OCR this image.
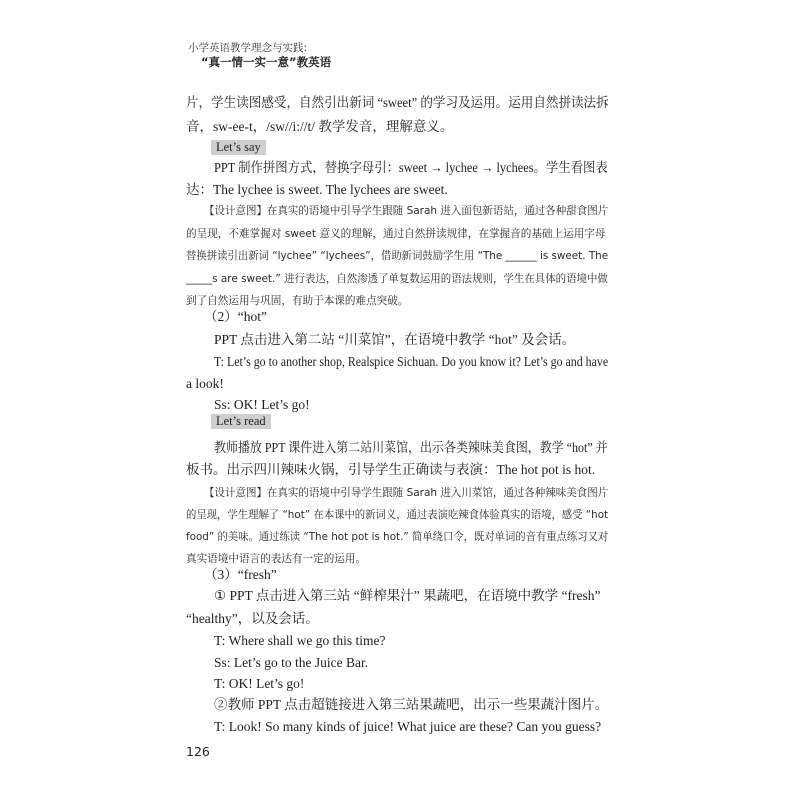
小学英语教学理念与实践:
“真一情一实一意”教英语
片，学生读图感受，自然引出新词 “sweet” 的学习及运用。运用自然拼读法拆
音，sw-ee-t，/sw//i://t/ 教学发音，理解意义。
Let’s say
PPT 制作拼图方式，替换字母引：sweet → lychee → lychees。学生看图表
达：The lychee is sweet. The lychees are sweet.
【设计意图】在真实的语境中引导学生跟随 Sarah 进入面包新语站，通过各种甜食图片
的呈现，不难掌握对 sweet 意义的理解，通过自然拼读规律，在掌握音的基础上运用字母
替换拼读引出新词 “lychee” “lychees”，借助新词鼓励学生用 “The ______ is sweet. The
_____s are sweet.” 进行表达，自然渗透了单复数运用的语法规则，学生在具体的语境中做
到了自然运用与巩固，有助于本课的难点突破。
（2）“hot”
PPT 点击进入第二站 “川菜馆”，在语境中教学 “hot” 及会话。
T: Let’s go to another shop, Realspice Sichuan. Do you know it? Let’s go and have
a look!
Ss: OK! Let’s go!
Let’s read
教师播放 PPT 课件进入第二站川菜馆，出示各类辣味美食图，教学 “hot” 并
板书。出示四川辣味火锅，引导学生正确读与表演：The hot pot is hot.
【设计意图】在真实的语境中引导学生跟随 Sarah 进入川菜馆，通过各种辣味美食图片
的呈现，学生理解了 “hot” 在本课中的新词义，通过表演吃辣食体验真实的语境，感受 “hot
food” 的美味。通过练读 “The hot pot is hot.” 简单绕口令，既对单词的音有重点练习又对
真实语境中语言的表达有一定的运用。
（3）“fresh”
① PPT 点击进入第三站 “鲜榨果汁” 果蔬吧，在语境中教学 “fresh”
“healthy”，以及会话。
T: Where shall we go this time?
Ss: Let’s go to the Juice Bar.
T: OK! Let’s go!
②教师 PPT 点击超链接进入第三站果蔬吧，出示一些果蔬汁图片。
T: Look! So many kinds of juice! What juice are these? Can you guess?
126
